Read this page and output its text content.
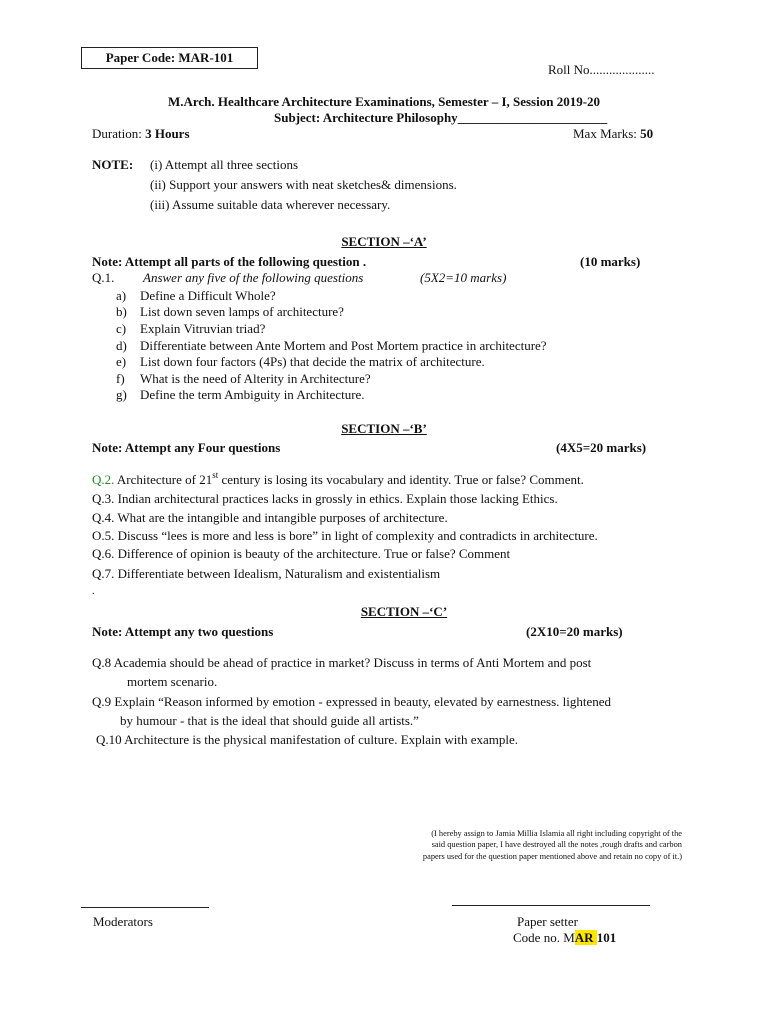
Paper Code: MAR-101
Roll No....................
M.Arch. Healthcare Architecture Examinations, Semester – I, Session 2019-20
Subject: Architecture Philosophy_______________________
Duration: 3 Hours	Max Marks: 50
NOTE: (i) Attempt all three sections
(ii) Support your answers with neat sketches& dimensions.
(iii) Assume suitable data wherever necessary.
SECTION –‘A’
Note: Attempt all parts of the following question .	(10 marks)
Q.1. Answer any five of the following questions	(5X2=10 marks)
a) Define a Difficult Whole?
b) List down seven lamps of architecture?
c) Explain Vitruvian triad?
d) Differentiate between Ante Mortem and Post Mortem practice in architecture?
e) List down four factors (4Ps) that decide the matrix of architecture.
f) What is the need of Alterity in Architecture?
g) Define the term Ambiguity in Architecture.
SECTION –‘B’
Note: Attempt any Four questions	(4X5=20 marks)
Q.2. Architecture of 21st century is losing its vocabulary and identity. True or false? Comment.
Q.3. Indian architectural practices lacks in grossly in ethics. Explain those lacking Ethics.
Q.4. What are the intangible and intangible purposes of architecture.
O.5. Discuss “lees is more and less is bore” in light of complexity and contradicts in architecture.
Q.6. Difference of opinion is beauty of the architecture. True or false? Comment
Q.7. Differentiate between Idealism, Naturalism and existentialism
.
SECTION –‘C’
Note: Attempt any two questions	(2X10=20 marks)
Q.8 Academia should be ahead of practice in market? Discuss in terms of Anti Mortem and post
mortem scenario.
Q.9 Explain “Reason informed by emotion - expressed in beauty, elevated by earnestness. lightened
by humour - that is the ideal that should guide all artists.”
Q.10 Architecture is the physical manifestation of culture. Explain with example.
(I hereby assign to Jamia Millia Islamia all right including copyright of the said question paper, I have destroyed all the notes ,rough drafts and carbon papers used for the question paper mentioned above and retain no copy of it.)
Moderators	Paper setter
Code no. MAR 101
